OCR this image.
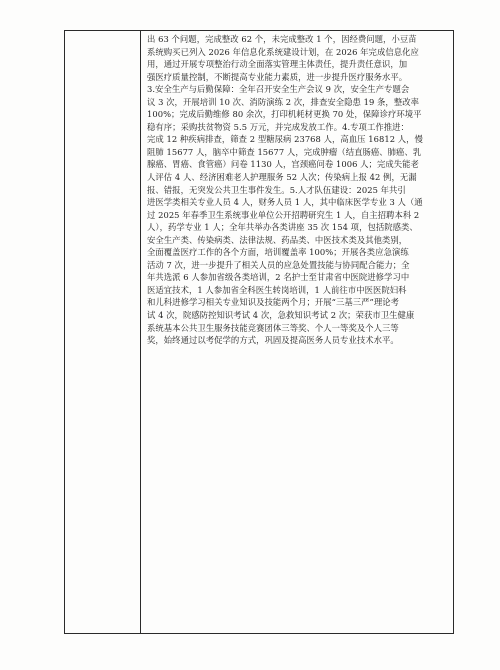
出 63 个问题，完成整改 62 个，未完成整改 1 个，因经费问题，小豆苗
系统购买已列入 2026 年信息化系统建设计划，在 2026 年完成信息化应
用，通过开展专项整治行动全面落实管理主体责任，提升责任意识，加
强医疗质量控制，不断提高专业能力素质，进一步提升医疗服务水平。
3.安全生产与后勤保障：全年召开安全生产会议 9 次，安全生产专题会
议 3 次，开展培训 10 次、消防演练 2 次，排查安全隐患 19 条，整改率
100%；完成后勤维修 80 余次，打印机耗材更换 70 处，保障诊疗环境平
稳有序；采购扶贫物资 5.5 万元，并完成发放工作。4.专项工作推进：
完成 12 种疾病排查，筛查 2 型糖尿病 23768 人，高血压 16812 人，慢
阻肺 15677 人，脑卒中筛查 15677 人，完成肿瘤（结直肠癌、肺癌、乳
腺癌、胃癌、食管癌）问卷 1130 人，宫颈癌问卷 1006 人；完成失能老
人评估 4 人、经济困难老人护理服务 52 人次；传染病上报 42 例，无漏
报、错报，无突发公共卫生事件发生。5.人才队伍建设：2025 年共引
进医学类相关专业人员 4 人，财务人员 1 人，其中临床医学专业 3 人（通
过 2025 年春季卫生系统事业单位公开招聘研究生 1 人，自主招聘本科 2
人），药学专业 1 人；全年共举办各类讲座 35 次 154 项，包括院感类、
安全生产类、传染病类、法律法规、药品类、中医技术类及其他类别，
全面覆盖医疗工作的各个方面，培训覆盖率 100%；开展各类应急演练
活动 7 次，进一步提升了相关人员的应急处置技能与协同配合能力；全
年共选派 6 人参加省级各类培训，2 名护士至甘肃省中医院进修学习中
医适宜技术，1 人参加省全科医生转岗培训，1 人前往市中医医院妇科
和儿科进修学习相关专业知识及技能两个月；开展“三基三严”理论考
试 4 次，院感防控知识考试 4 次，急救知识考试 2 次；荣获市卫生健康
系统基本公共卫生服务技能竞赛团体三等奖、个人一等奖及个人三等
奖，始终通过以考促学的方式，巩固及提高医务人员专业技术水平。
